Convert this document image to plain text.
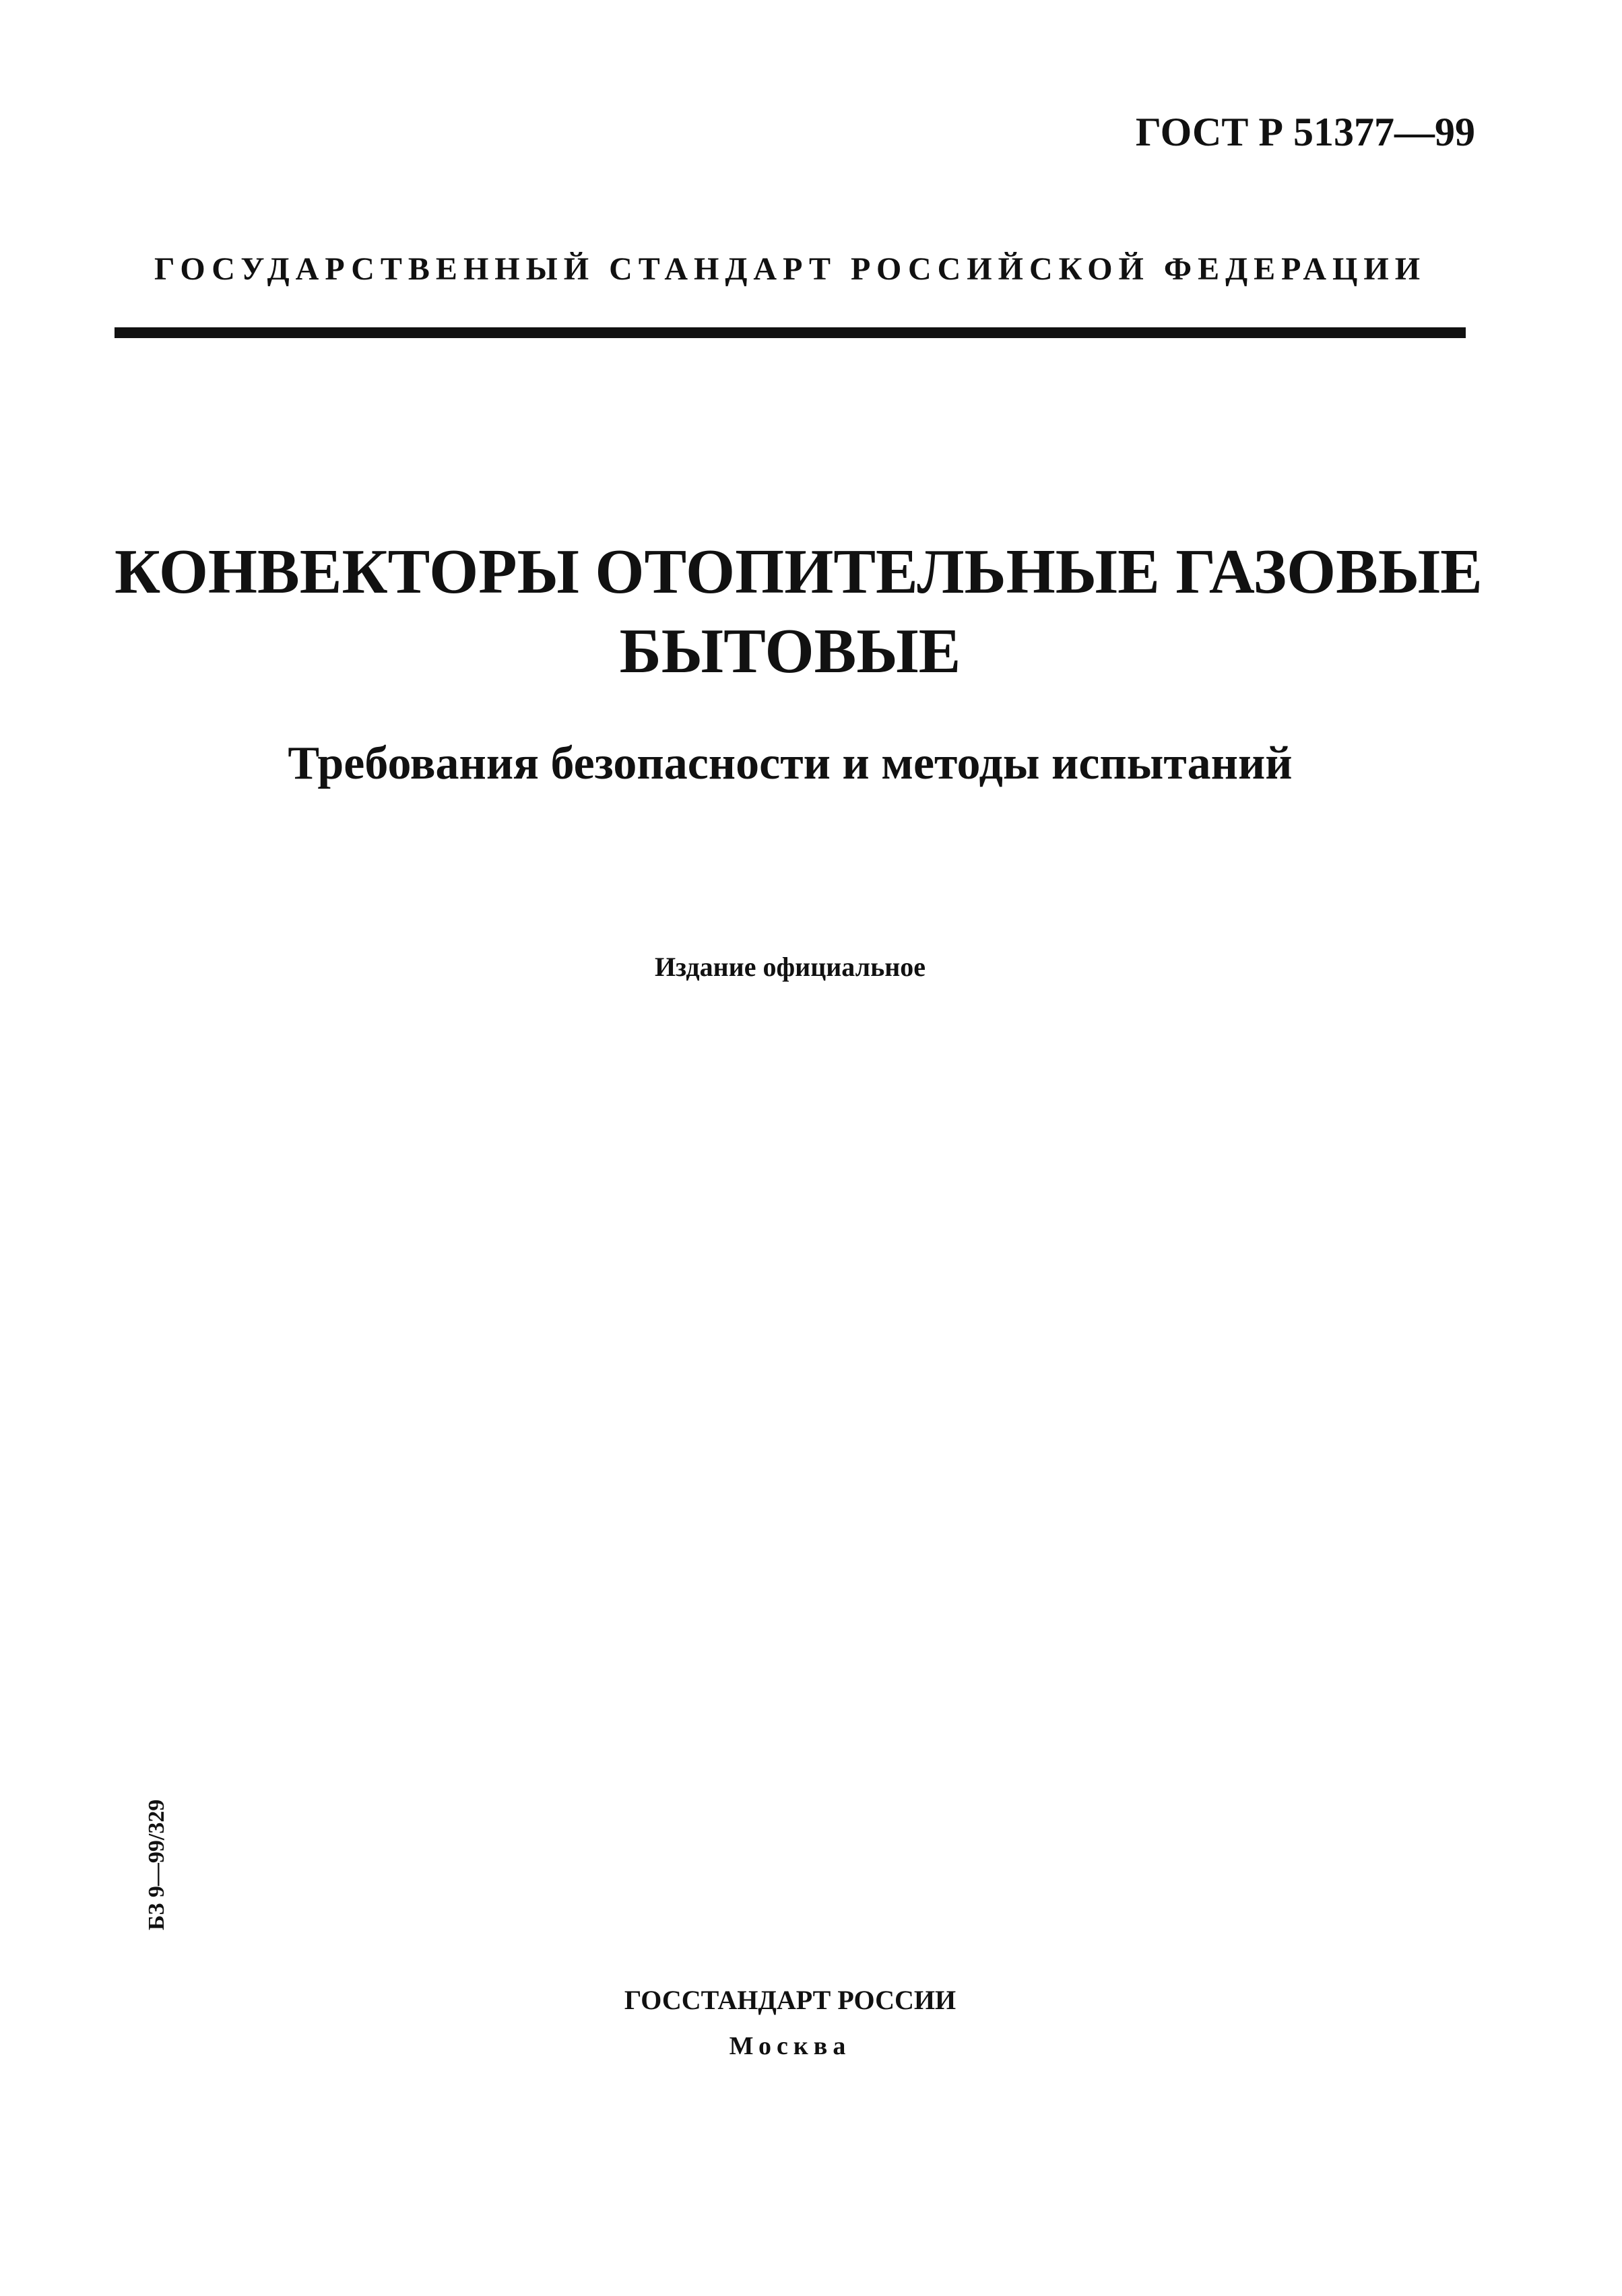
ГОСТ Р 51377—99
ГОСУДАРСТВЕННЫЙ СТАНДАРТ РОССИЙСКОЙ ФЕДЕРАЦИИ
КОНВЕКТОРЫ ОТОПИТЕЛЬНЫЕ ГАЗОВЫЕ
БЫТОВЫЕ
Требования безопасности и методы испытаний
Издание официальное
БЗ 9—99/329
ГОССТАНДАРТ РОССИИ
Москва
